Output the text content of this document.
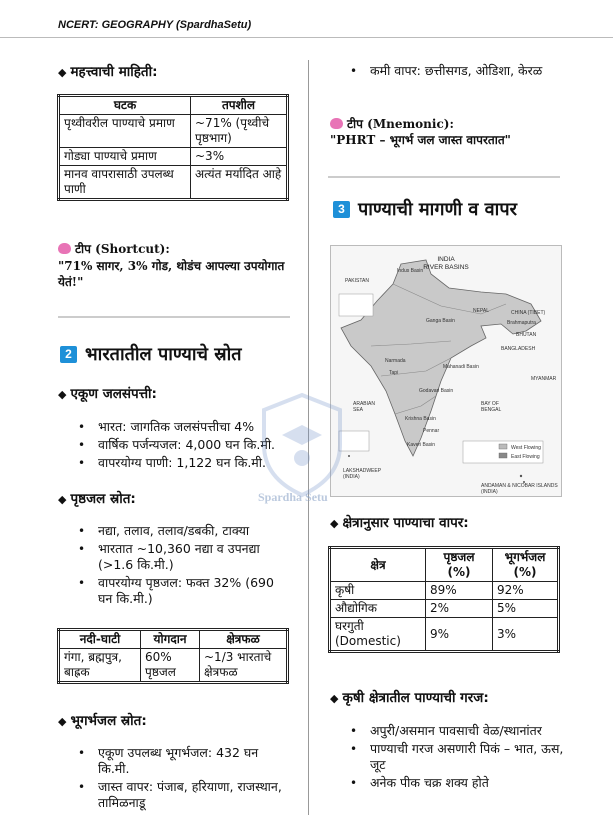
NCERT: GEOGRAPHY (SpardhaSetu)
◆ महत्त्वाची माहिती:
घटक	तपशील
पृथ्वीवरील पाण्याचे प्रमाण	~71% (पृथ्वीचे पृष्ठभाग)
गोड्या पाण्याचे प्रमाण	~3%
मानव वापरासाठी उपलब्ध पाणी	अत्यंत मर्यादित आहे
टीप (Shortcut):
"71% सागर, 3% गोड, थोडंच आपल्या उपयोगात येतं!"
2 भारतातील पाण्याचे स्रोत
◆ एकूण जलसंपत्ती:
• भारत: जागतिक जलसंपत्तीचा 4%
• वार्षिक पर्जन्यजल: 4,000 घन कि.मी.
• वापरयोग्य पाणी: 1,122 घन कि.मी.
◆ पृष्ठजल स्रोत:
• नद्या, तलाव, तलाव/डबकी, टाक्या
• भारतात ~10,360 नद्या व उपनद्या (>1.6 कि.मी.)
• वापरयोग्य पृष्ठजल: फक्त 32% (690 घन कि.मी.)
नदी-घाटी	योगदान	क्षेत्रफळ
गंगा, ब्रह्मपुत्र, बाह्रक	60% पृष्ठजल	~1/3 भारताचे क्षेत्रफळ
◆ भूगर्भजल स्रोत:
• एकूण उपलब्ध भूगर्भजल: 432 घन कि.मी.
• जास्त वापर: पंजाब, हरियाणा, राजस्थान, तामिळनाडू
• कमी वापर: छत्तीसगड, ओडिशा, केरळ
टीप (Mnemonic):
"PHRT – भूगर्भ जल जास्त वापरतात"
3 पाण्याची मागणी व वापर
INDIA
RIVER BASINS
PAKISTAN
CHINA (TIBET)
NEPAL
BHUTAN
BANGLADESH
MYANMAR
ARABIAN SEA
BAY OF BENGAL
LAKSHADWEEP (INDIA)
ANDAMAN & NICOBAR ISLANDS (INDIA)
Indus Basin
Ganga Basin
Narmada
Tapi
Godavari Basin
Krishna Basin
Pennar
Kaveri Basin
Mahanadi Basin
Brahmaputra
West Flowing
East Flowing
Spardha Setu
◆ क्षेत्रानुसार पाण्याचा वापर:
क्षेत्र	पृष्ठजल (%)	भूगर्भजल (%)
कृषी	89%	92%
औद्योगिक	2%	5%
घरगुती (Domestic)	9%	3%
◆ कृषी क्षेत्रातील पाण्याची गरज:
• अपुरी/असमान पावसाची वेळ/स्थानांतर
• पाण्याची गरज असणारी पिकं – भात, ऊस, जूट
• अनेक पीक चक्र शक्य होते
